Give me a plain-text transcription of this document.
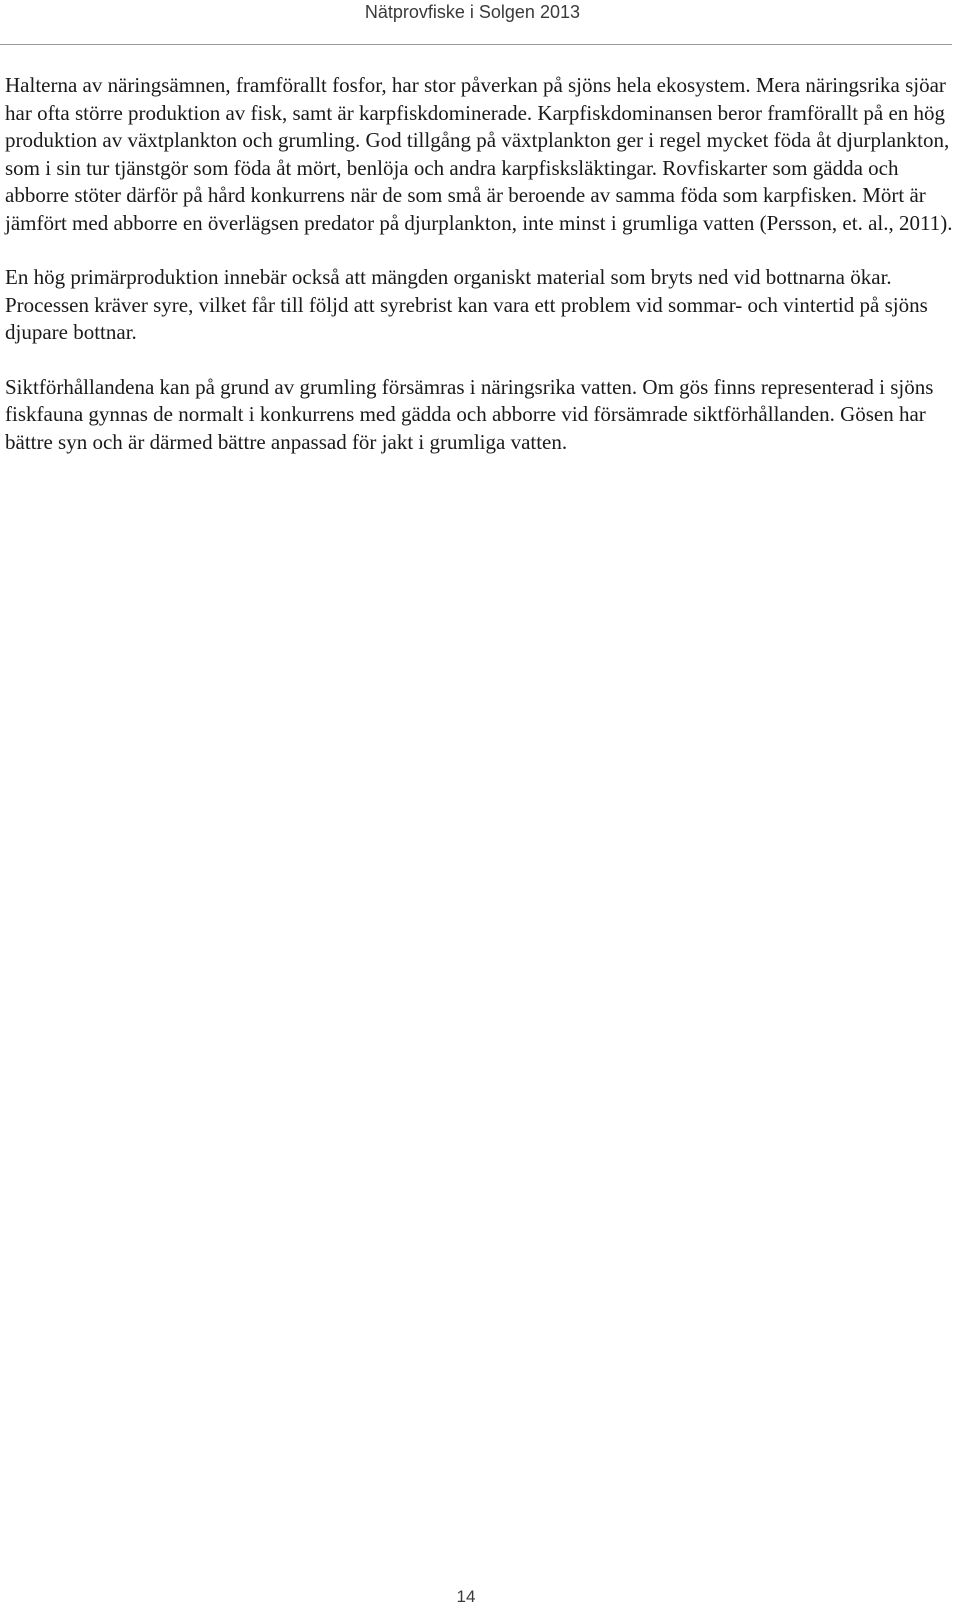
Nätprovfiske i Solgen 2013

Halterna av näringsämnen, framförallt fosfor, har stor påverkan på sjöns hela ekosystem. Mera näringsrika sjöar har ofta större produktion av fisk, samt är karpfiskdominerade. Karpfiskdominansen beror framförallt på en hög produktion av växtplankton och grumling. God tillgång på växtplankton ger i regel mycket föda åt djurplankton, som i sin tur tjänstgör som föda åt mört, benlöja och andra karpfisksläktingar. Rovfiskarter som gädda och abborre stöter därför på hård konkurrens när de som små är beroende av samma föda som karpfisken. Mört är jämfört med abborre en överlägsen predator på djurplankton, inte minst i grumliga vatten (Persson, et. al., 2011).

En hög primärproduktion innebär också att mängden organiskt material som bryts ned vid bottnarna ökar. Processen kräver syre, vilket får till följd att syrebrist kan vara ett problem vid sommar- och vintertid på sjöns djupare bottnar.

Siktförhållandena kan på grund av grumling försämras i näringsrika vatten. Om gös finns representerad i sjöns fiskfauna gynnas de normalt i konkurrens med gädda och abborre vid försämrade siktförhållanden. Gösen har bättre syn och är därmed bättre anpassad för jakt i grumliga vatten.

14
